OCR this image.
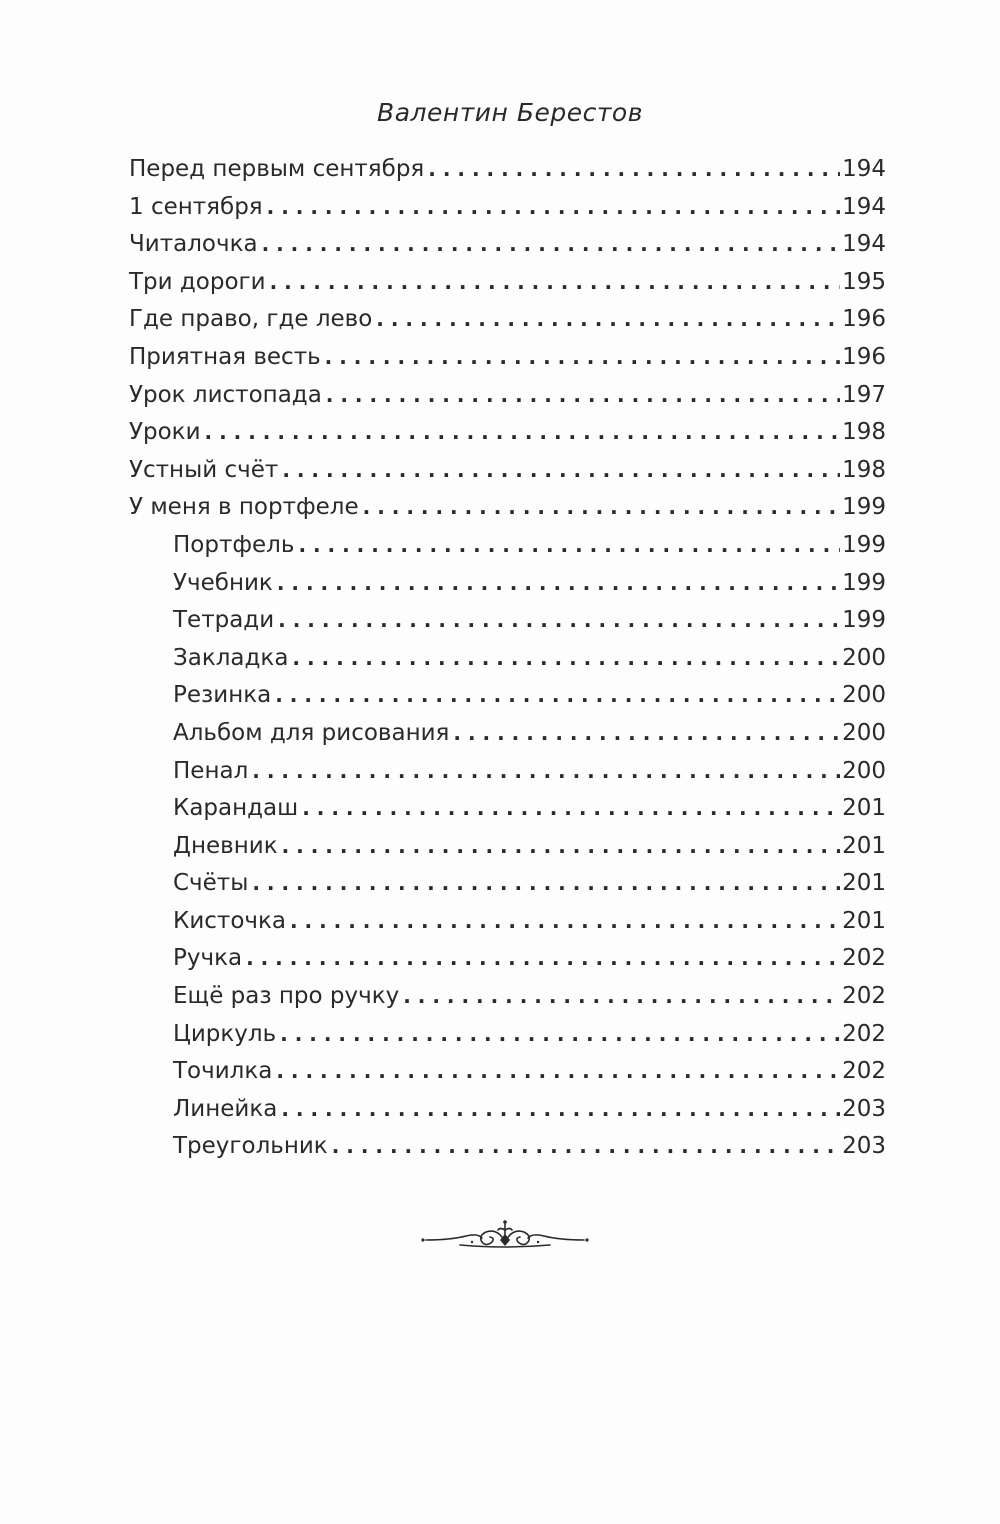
Валентин Берестов
Перед первым сентября . . .	194
1 сентября . . .	194
Читалочка . . .	194
Три дороги . . .	195
Где право, где лево . . .	196
Приятная весть . . .	196
Урок листопада . . .	197
Уроки . . .	198
Устный счёт . . .	198
У меня в портфеле . . .	199
Портфель . . .	199
Учебник . . .	199
Тетради . . .	199
Закладка . . .	200
Резинка . . .	200
Альбом для рисования . . .	200
Пенал . . .	200
Карандаш . . .	201
Дневник . . .	201
Счёты . . .	201
Кисточка . . .	201
Ручка . . .	202
Ещё раз про ручку . . .	202
Циркуль . . .	202
Точилка . . .	202
Линейка . . .	203
Треугольник . . .	203
